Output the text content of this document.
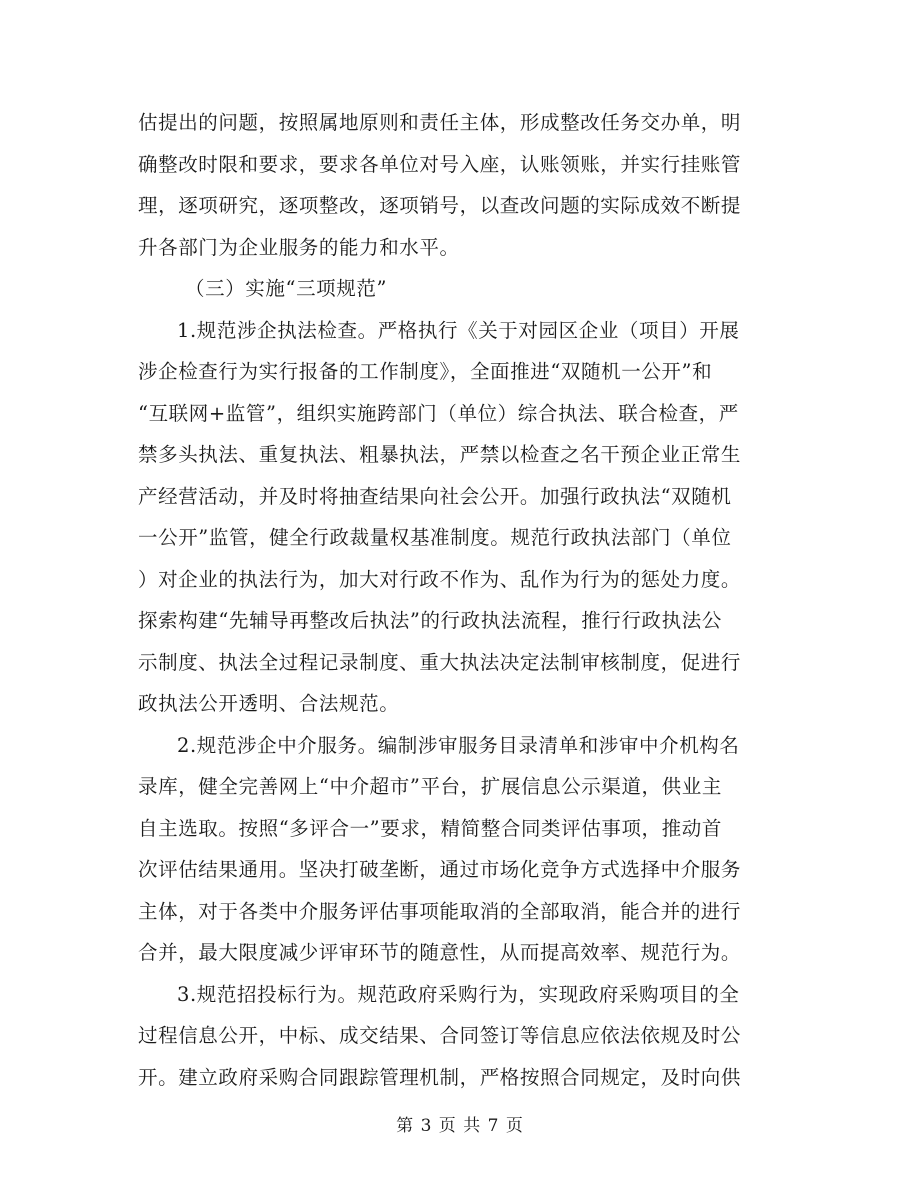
估提出的问题，按照属地原则和责任主体，形成整改任务交办单，明
确整改时限和要求，要求各单位对号入座，认账领账，并实行挂账管
理，逐项研究，逐项整改，逐项销号，以查改问题的实际成效不断提
升各部门为企业服务的能力和水平。
（三）实施“三项规范”
1.规范涉企执法检查。严格执行《关于对园区企业（项目）开展
涉企检查行为实行报备的工作制度》，全面推进“双随机一公开”和
“互联网+监管”，组织实施跨部门（单位）综合执法、联合检查，严
禁多头执法、重复执法、粗暴执法，严禁以检查之名干预企业正常生
产经营活动，并及时将抽查结果向社会公开。加强行政执法“双随机
一公开”监管，健全行政裁量权基准制度。规范行政执法部门（单位
）对企业的执法行为，加大对行政不作为、乱作为行为的惩处力度。
探索构建“先辅导再整改后执法”的行政执法流程，推行行政执法公
示制度、执法全过程记录制度、重大执法决定法制审核制度，促进行
政执法公开透明、合法规范。
2.规范涉企中介服务。编制涉审服务目录清单和涉审中介机构名
录库，健全完善网上“中介超市”平台，扩展信息公示渠道，供业主
自主选取。按照“多评合一”要求，精简整合同类评估事项，推动首
次评估结果通用。坚决打破垄断，通过市场化竞争方式选择中介服务
主体，对于各类中介服务评估事项能取消的全部取消，能合并的进行
合并，最大限度减少评审环节的随意性，从而提高效率、规范行为。
3.规范招投标行为。规范政府采购行为，实现政府采购项目的全
过程信息公开，中标、成交结果、合同签订等信息应依法依规及时公
开。建立政府采购合同跟踪管理机制，严格按照合同规定，及时向供
第 3 页 共 7 页
